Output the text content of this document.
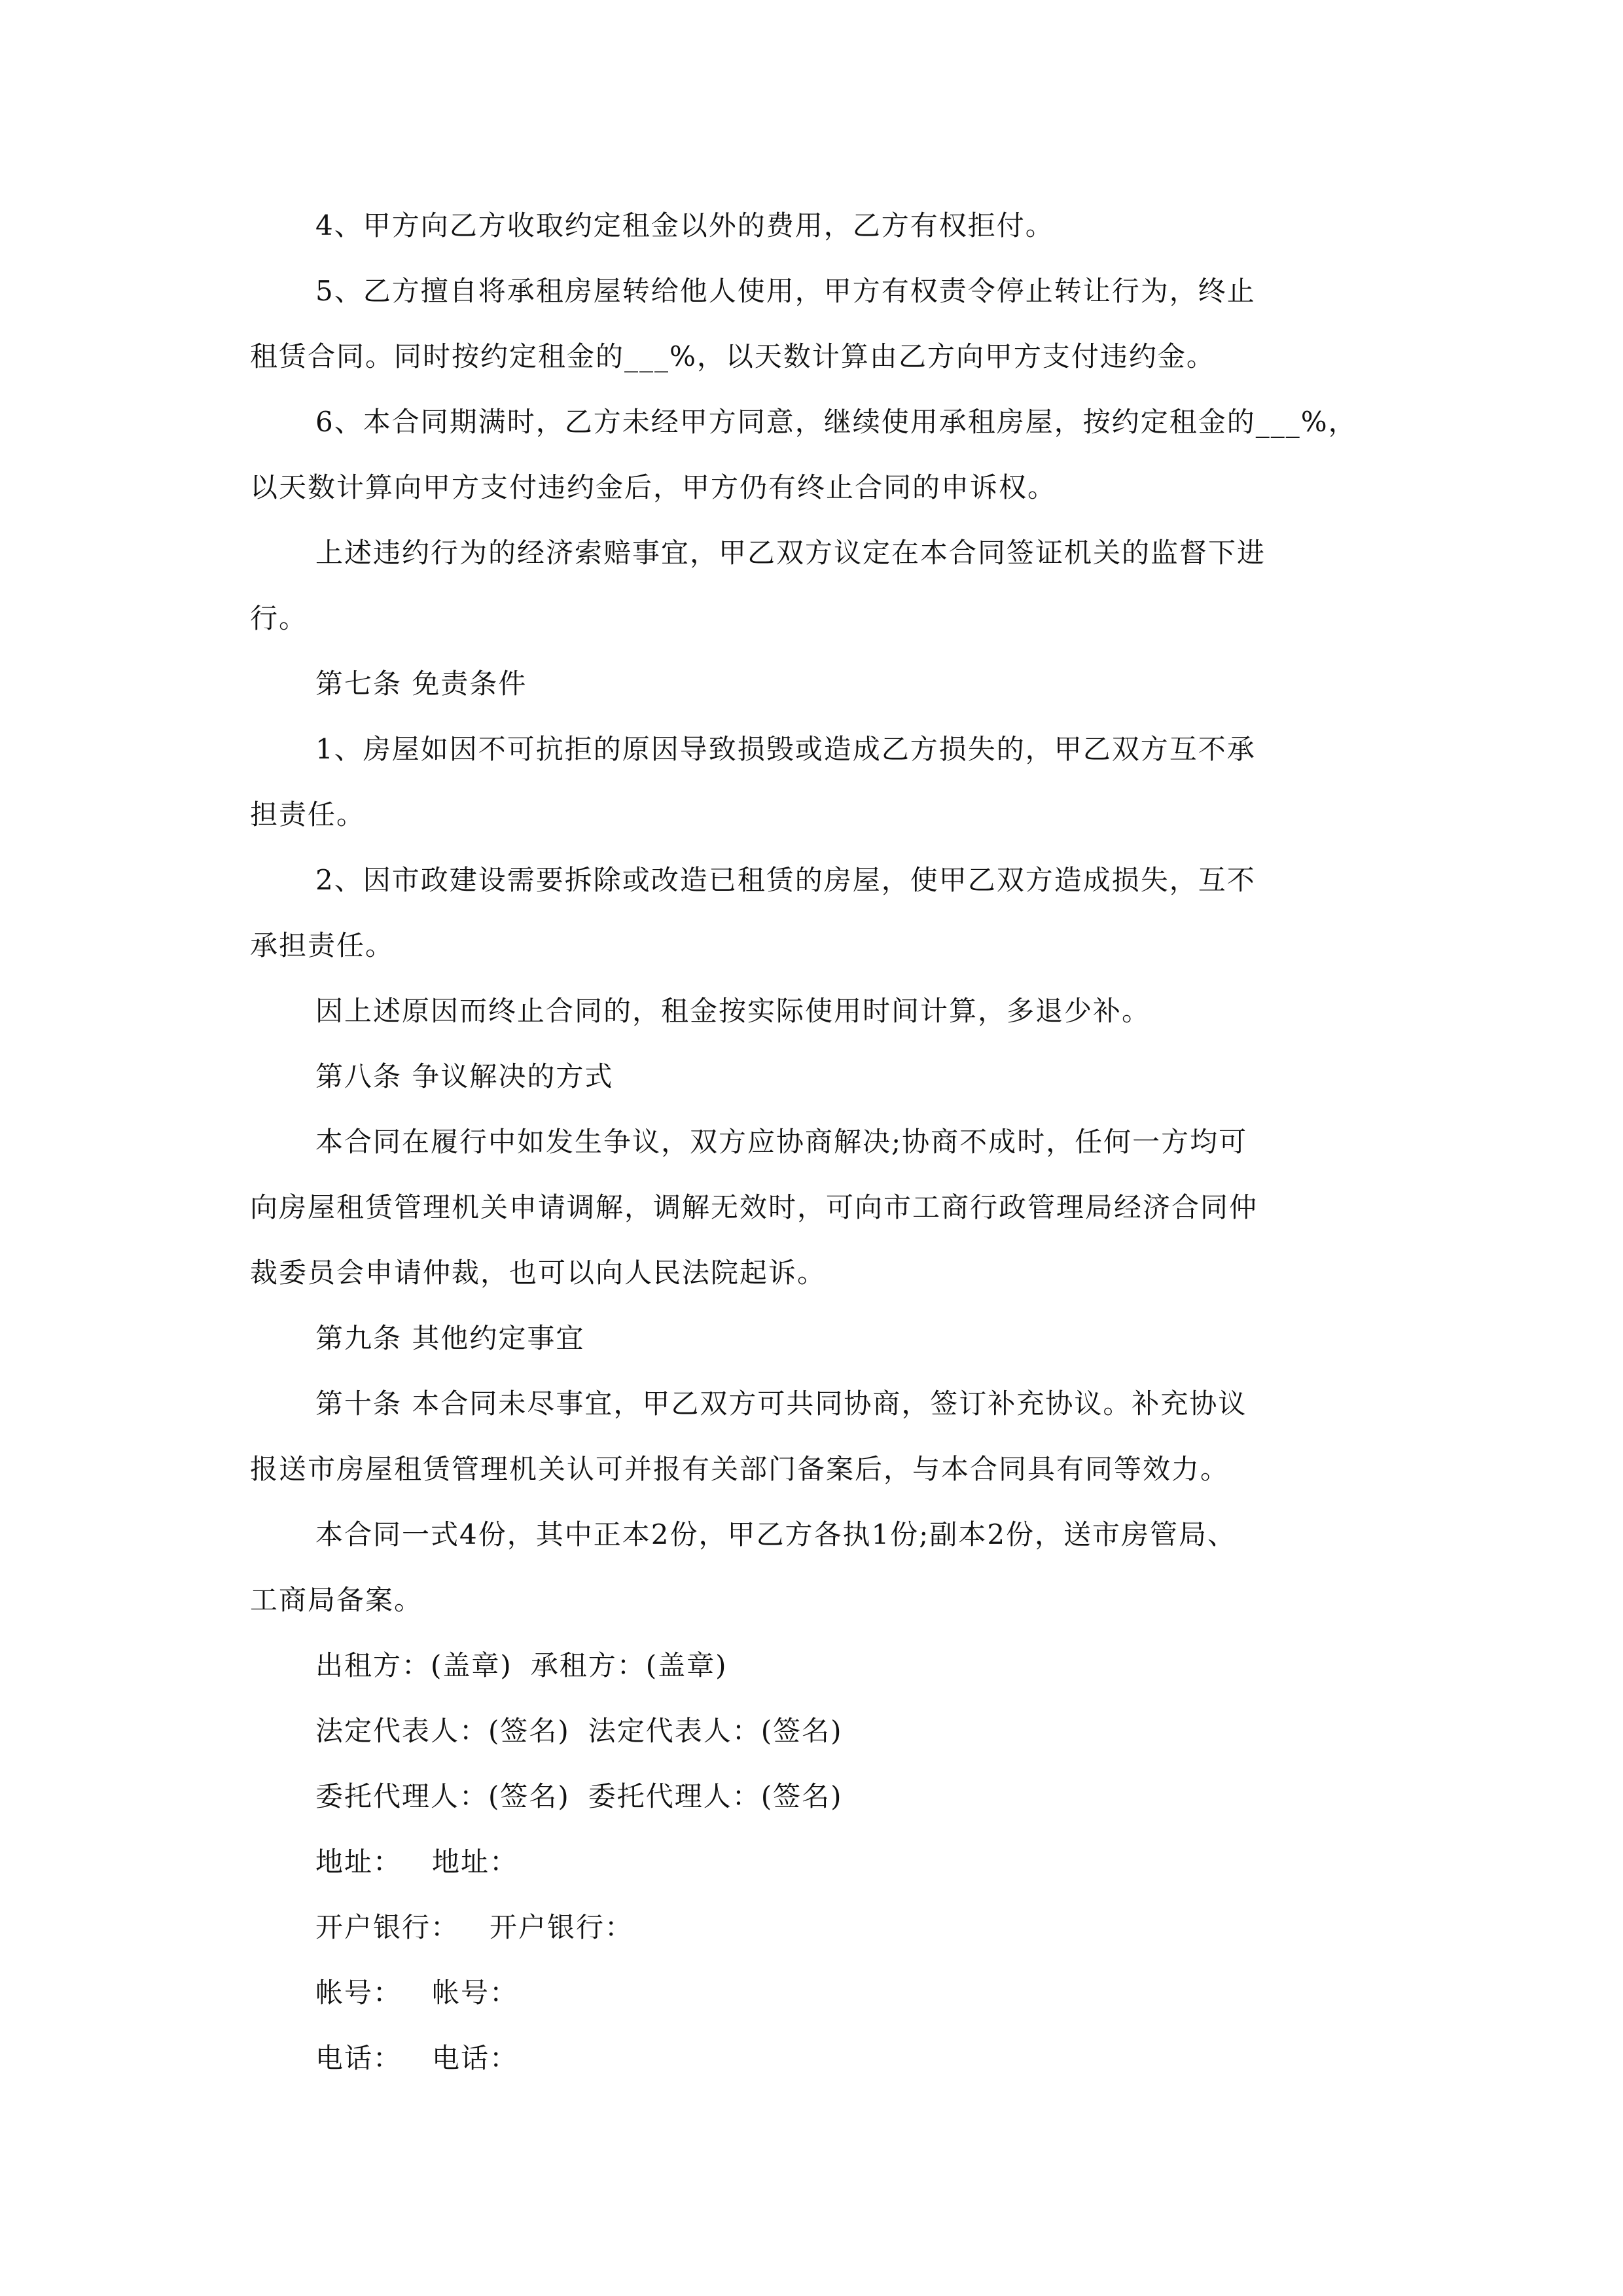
4、甲方向乙方收取约定租金以外的费用，乙方有权拒付。
5、乙方擅自将承租房屋转给他人使用，甲方有权责令停止转让行为，终止
租赁合同。同时按约定租金的___%，以天数计算由乙方向甲方支付违约金。
6、本合同期满时，乙方未经甲方同意，继续使用承租房屋，按约定租金的___%，
以天数计算向甲方支付违约金后，甲方仍有终止合同的申诉权。
上述违约行为的经济索赔事宜，甲乙双方议定在本合同签证机关的监督下进
行。
第七条 免责条件
1、房屋如因不可抗拒的原因导致损毁或造成乙方损失的，甲乙双方互不承
担责任。
2、因市政建设需要拆除或改造已租赁的房屋，使甲乙双方造成损失，互不
承担责任。
因上述原因而终止合同的，租金按实际使用时间计算，多退少补。
第八条 争议解决的方式
本合同在履行中如发生争议，双方应协商解决;协商不成时，任何一方均可
向房屋租赁管理机关申请调解，调解无效时，可向市工商行政管理局经济合同仲
裁委员会申请仲裁，也可以向人民法院起诉。
第九条 其他约定事宜
第十条 本合同未尽事宜，甲乙双方可共同协商，签订补充协议。补充协议
报送市房屋租赁管理机关认可并报有关部门备案后，与本合同具有同等效力。
本合同一式4份，其中正本2份，甲乙方各执1份;副本2份，送市房管局、
工商局备案。
出租方：(盖章) 承租方：(盖章)
法定代表人：(签名) 法定代表人：(签名)
委托代理人：(签名) 委托代理人：(签名)
地址： 地址：
开户银行： 开户银行：
帐号： 帐号：
电话： 电话：
